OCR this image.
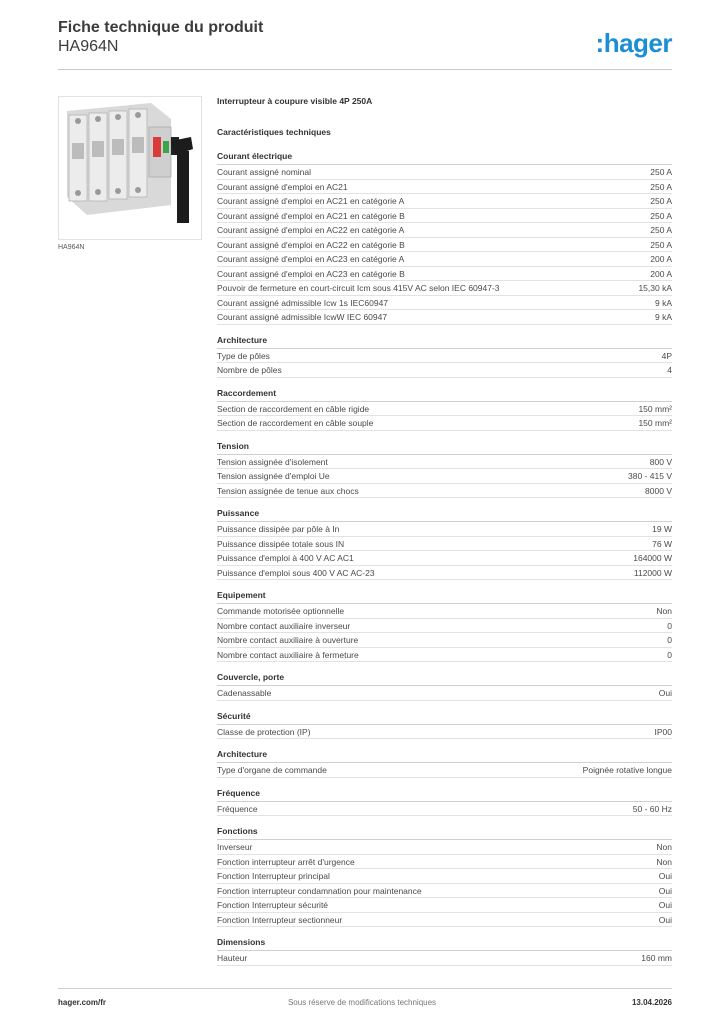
Fiche technique du produit
HA964N	:hager
HA964N
Interrupteur à coupure visible 4P 250A
Caractéristiques techniques
Courant électrique
Courant assigné nominal	250 A
Courant assigné d'emploi en AC21	250 A
Courant assigné d'emploi en AC21 en catégorie A	250 A
Courant assigné d'emploi en AC21 en catégorie B	250 A
Courant assigné d'emploi en AC22 en catégorie A	250 A
Courant assigné d'emploi en AC22 en catégorie B	250 A
Courant assigné d'emploi en AC23 en catégorie A	200 A
Courant assigné d'emploi en AC23 en catégorie B	200 A
Pouvoir de fermeture en court-circuit Icm sous 415V AC selon IEC 60947-3	15,30 kA
Courant assigné admissible Icw 1s IEC60947	9 kA
Courant assigné admissible IcwW IEC 60947	9 kA
Architecture
Type de pôles	4P
Nombre de pôles	4
Raccordement
Section de raccordement en câble rigide	150 mm²
Section de raccordement en câble souple	150 mm²
Tension
Tension assignée d'isolement	800 V
Tension assignée d'emploi Ue	380 - 415 V
Tension assignée de tenue aux chocs	8000 V
Puissance
Puissance dissipée par pôle à In	19 W
Puissance dissipée totale sous IN	76 W
Puissance d'emploi à 400 V AC AC1	164000 W
Puissance d'emploi sous 400 V AC AC-23	112000 W
Equipement
Commande motorisée optionnelle	Non
Nombre contact auxiliaire inverseur	0
Nombre contact auxiliaire à ouverture	0
Nombre contact auxiliaire à fermeture	0
Couvercle, porte
Cadenassable	Oui
Sécurité
Classe de protection (IP)	IP00
Architecture
Type d'organe de commande	Poignée rotative longue
Fréquence
Fréquence	50 - 60 Hz
Fonctions
Inverseur	Non
Fonction interrupteur arrêt d'urgence	Non
Fonction Interrupteur principal	Oui
Fonction interrupteur condamnation pour maintenance	Oui
Fonction Interrupteur sécurité	Oui
Fonction Interrupteur sectionneur	Oui
Dimensions
Hauteur	160 mm
hager.com/fr	Sous réserve de modifications techniques	13.04.2026
